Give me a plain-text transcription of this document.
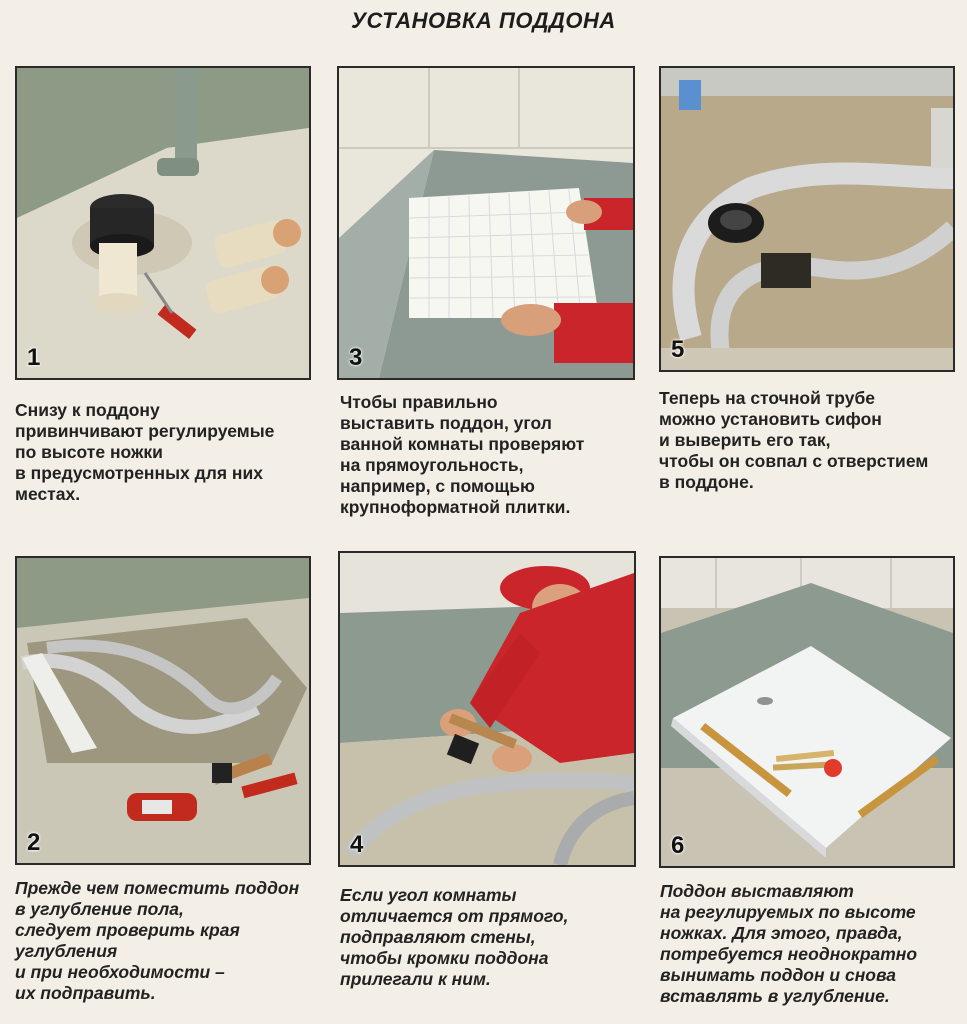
УСТАНОВКА ПОДДОНА
1	3	5
Снизу к поддону
привинчивают регулируемые
по высоте ножки
в предусмотренных для них
местах.
Чтобы правильно
выставить поддон, угол
ванной комнаты проверяют
на прямоугольность,
например, с помощью
крупноформатной плитки.
Теперь на сточной трубе
можно установить сифон
и выверить его так,
чтобы он совпал с отверстием
в поддоне.
2	4	6
Прежде чем поместить поддон
в углубление пола,
следует проверить края
углубления
и при необходимости –
их подправить.
Если угол комнаты
отличается от прямого,
подправляют стены,
чтобы кромки поддона
прилегали к ним.
Поддон выставляют
на регулируемых по высоте
ножках. Для этого, правда,
потребуется неоднократно
вынимать поддон и снова
вставлять в углубление.
